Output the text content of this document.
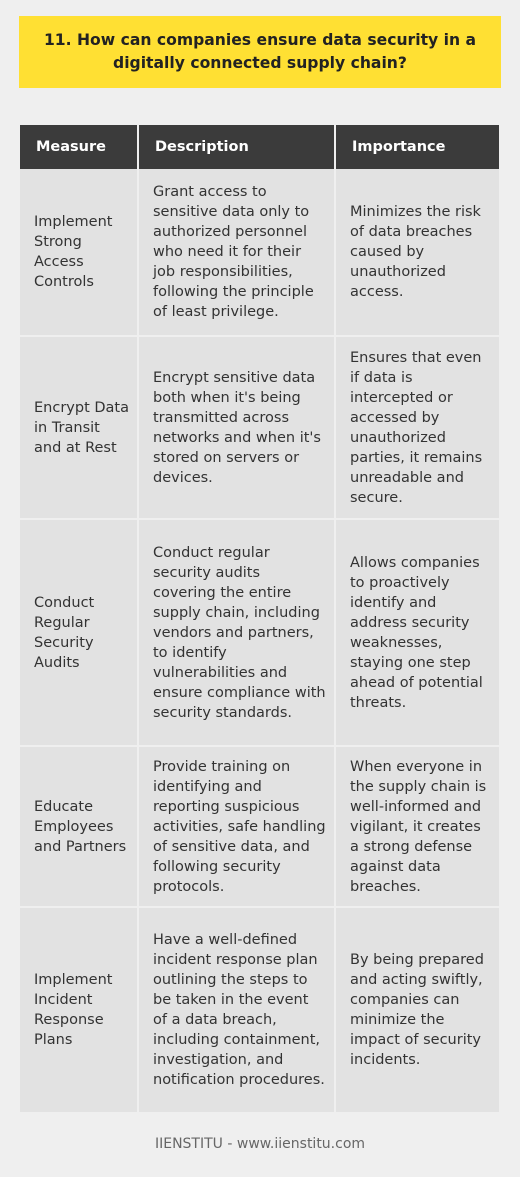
11. How can companies ensure data security in a digitally connected supply chain?
Measure	Description	Importance
Implement Strong Access Controls	Grant access to sensitive data only to authorized personnel who need it for their job responsibilities, following the principle of least privilege.	Minimizes the risk of data breaches caused by unauthorized access.
Encrypt Data in Transit and at Rest	Encrypt sensitive data both when it's being transmitted across networks and when it's stored on servers or devices.	Ensures that even if data is intercepted or accessed by unauthorized parties, it remains unreadable and secure.
Conduct Regular Security Audits	Conduct regular security audits covering the entire supply chain, including vendors and partners, to identify vulnerabilities and ensure compliance with security standards.	Allows companies to proactively identify and address security weaknesses, staying one step ahead of potential threats.
Educate Employees and Partners	Provide training on identifying and reporting suspicious activities, safe handling of sensitive data, and following security protocols.	When everyone in the supply chain is well-informed and vigilant, it creates a strong defense against data breaches.
Implement Incident Response Plans	Have a well-defined incident response plan outlining the steps to be taken in the event of a data breach, including containment, investigation, and notification procedures.	By being prepared and acting swiftly, companies can minimize the impact of security incidents.
IIENSTITU - www.iienstitu.com
